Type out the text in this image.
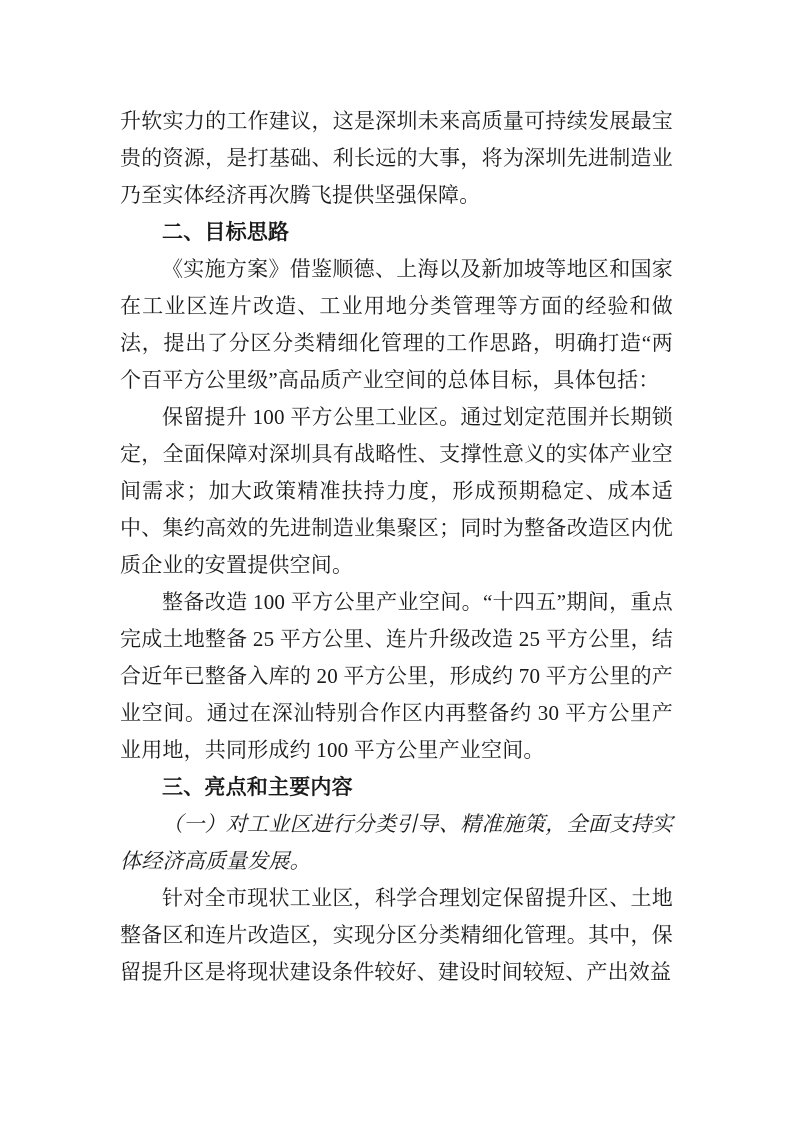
升软实力的工作建议，这是深圳未来高质量可持续发展最宝贵的资源，是打基础、利长远的大事，将为深圳先进制造业乃至实体经济再次腾飞提供坚强保障。

二、目标思路

《实施方案》借鉴顺德、上海以及新加坡等地区和国家在工业区连片改造、工业用地分类管理等方面的经验和做法，提出了分区分类精细化管理的工作思路，明确打造“两个百平方公里级”高品质产业空间的总体目标，具体包括：

保留提升 100 平方公里工业区。通过划定范围并长期锁定，全面保障对深圳具有战略性、支撑性意义的实体产业空间需求；加大政策精准扶持力度，形成预期稳定、成本适中、集约高效的先进制造业集聚区；同时为整备改造区内优质企业的安置提供空间。

整备改造 100 平方公里产业空间。“十四五”期间，重点完成土地整备 25 平方公里、连片升级改造 25 平方公里，结合近年已整备入库的 20 平方公里，形成约 70 平方公里的产业空间。通过在深汕特别合作区内再整备约 30 平方公里产业用地，共同形成约 100 平方公里产业空间。

三、亮点和主要内容

（一）对工业区进行分类引导、精准施策，全面支持实体经济高质量发展。

针对全市现状工业区，科学合理划定保留提升区、土地整备区和连片改造区，实现分区分类精细化管理。其中，保留提升区是将现状建设条件较好、建设时间较短、产出效益
